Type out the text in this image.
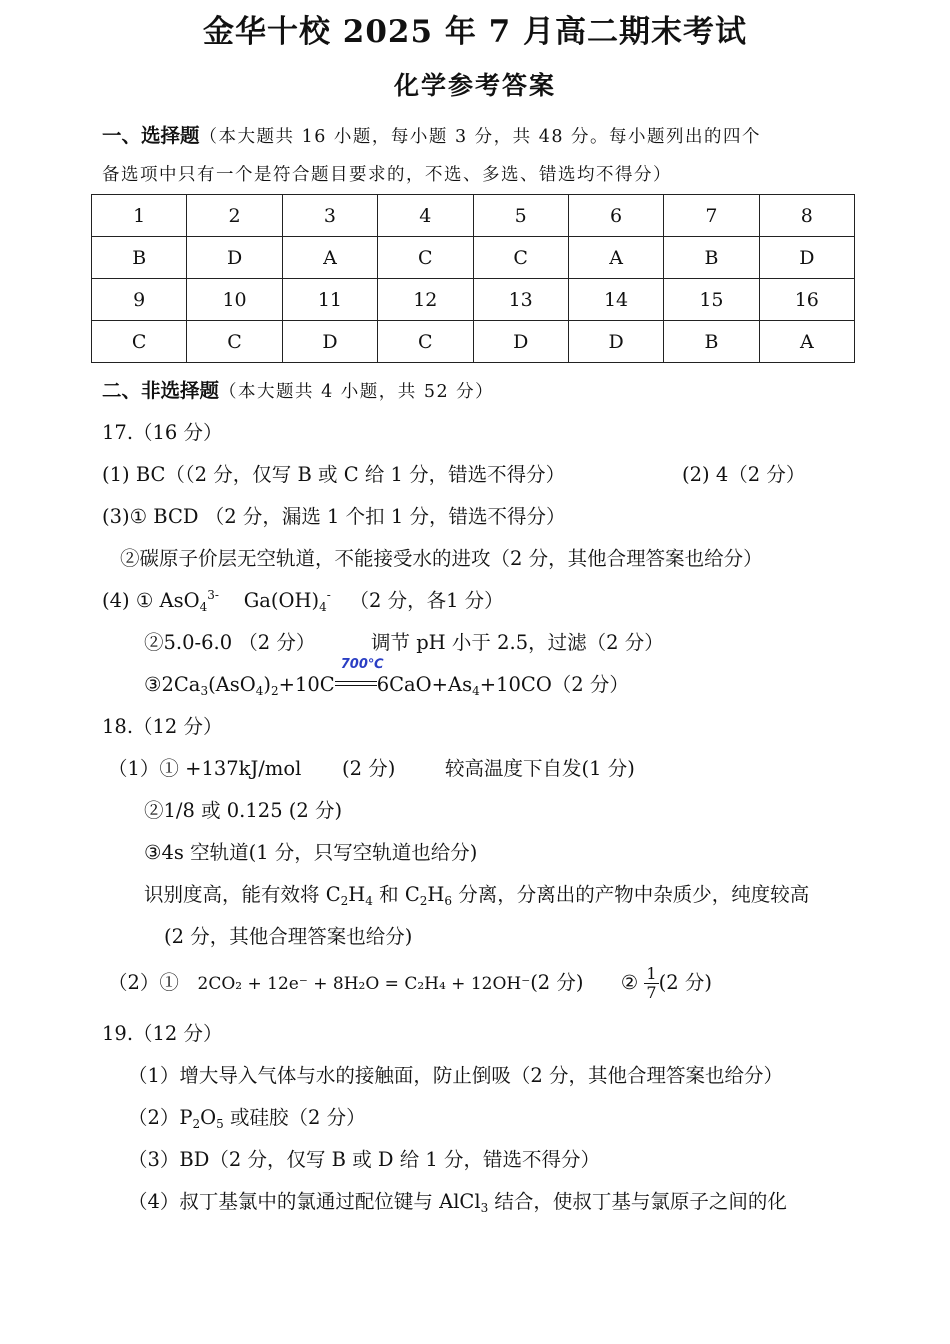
金华十校 2025 年 7 月高二期末考试
化学参考答案
一、选择题（本大题共 16 小题，每小题 3 分，共 48 分。每小题列出的四个
备选项中只有一个是符合题目要求的，不选、多选、错选均不得分）
1	2	3	4	5	6	7	8
B	D	A	C	C	A	B	D
9	10	11	12	13	14	15	16
C	C	D	C	D	D	B	A
二、非选择题（本大题共 4 小题，共 52 分）
17.（16 分）
(1) BC（（2 分，仅写 B 或 C 给 1 分，错选不得分）	(2) 4（2 分）
(3)① BCD （2 分，漏选 1 个扣 1 分，错选不得分）
②碳原子价层无空轨道，不能接受水的进攻（2 分，其他合理答案也给分）
(4) ① AsO$_4^{3-}$ $Ga(OH)_4^-$ （2 分，各1 分）
②5.0-6.0 （2 分）	调节 pH 小于 2.5，过滤（2 分）
$③2Ca_3(AsO_4)_2+10C$
700℃
$6CaO+As_4+10CO(2$ 分）
18.（12 分）
（1）① +137kJ/mol (2 分)	较高温度下自发(1 分)
②1/8 或 0.125 (2 分)
③4s 空轨道(1 分，只写空轨道也给分)
识别度高，能有效将 $C_2H_4$ 和 $C_2H_6$ 分离，分离出的产物中杂质少，纯度较高
(2 分，其他合理答案也给分)
（2）① 2CO₂ + 12e⁻ + 8H₂O = C₂H₄ + 12OH⁻(2 分) ② $\frac{1}{7} (2$ 分)
19.（12 分）
（1）增大导入气体与水的接触面，防止倒吸（2 分，其他合理答案也给分）
$(2)P_2O_5$ 或硅胶（2 分）
（3）BD（2 分，仅写 B 或 D 给 1 分，错选不得分）
（4）叔丁基氯中的氯通过配位键与 AlCl$_3$ 结合，使叔丁基与氯原子之间的化
